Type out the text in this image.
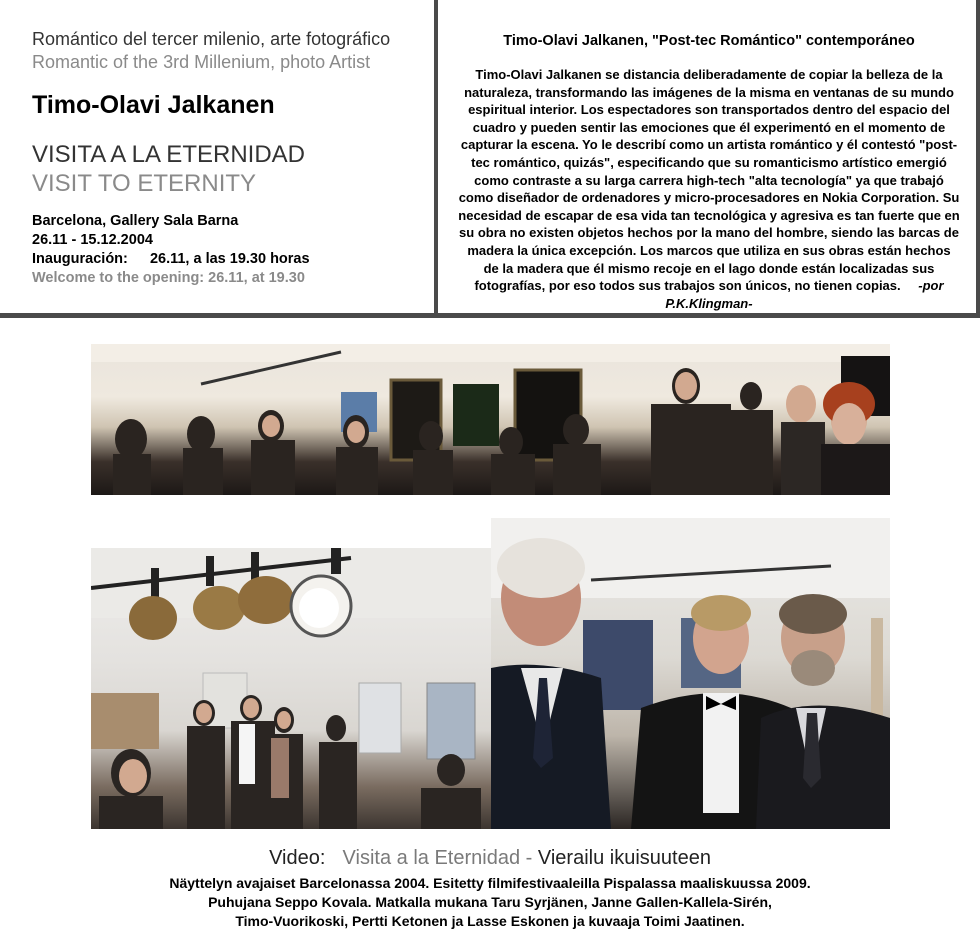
Romántico del tercer milenio, arte fotográfico
Romantic of the 3rd Millenium, photo Artist
Timo-Olavi Jalkanen
VISITA A LA ETERNIDAD
VISIT TO ETERNITY
Barcelona, Gallery Sala Barna
26.11 - 15.12.2004
Inauguración: 26.11, a las 19.30 horas
Welcome to the opening: 26.11, at 19.30
Timo-Olavi Jalkanen, "Post-tec Romántico" contemporáneo
Timo-Olavi Jalkanen se distancia deliberadamente de copiar la belleza de la naturaleza, transformando las imágenes de la misma en ventanas de su mundo espiritual interior. Los espectadores son transportados dentro del espacio del cuadro y pueden sentir las emociones que él experimentó en el momento de capturar la escena. Yo le describí como un artista romántico y él contestó "post-tec romántico, quizás", especificando que su romanticismo artístico emergió como contraste a su larga carrera high-tech "alta tecnología" ya que trabajó como diseñador de ordenadores y micro-procesadores en Nokia Corporation. Su necesidad de escapar de esa vida tan tecnológica y agresiva es tan fuerte que en su obra no existen objetos hechos por la mano del hombre, siendo las barcas de madera la única excepción. Los marcos que utiliza en sus obras están hechos de la madera que él mismo recoje en el lago donde están localizadas sus fotografías, por eso todos sus trabajos son únicos, no tienen copias. -por P.K.Klingman-
Video: Visita a la Eternidad - Vierailu ikuisuuteen
Näyttelyn avajaiset Barcelonassa 2004. Esitetty filmifestivaaleilla Pispalassa maaliskuussa 2009.
Puhujana Seppo Kovala. Matkalla mukana Taru Syrjänen, Janne Gallen-Kallela-Sirén,
Timo-Vuorikoski, Pertti Ketonen ja Lasse Eskonen ja kuvaaja Toimi Jaatinen.
